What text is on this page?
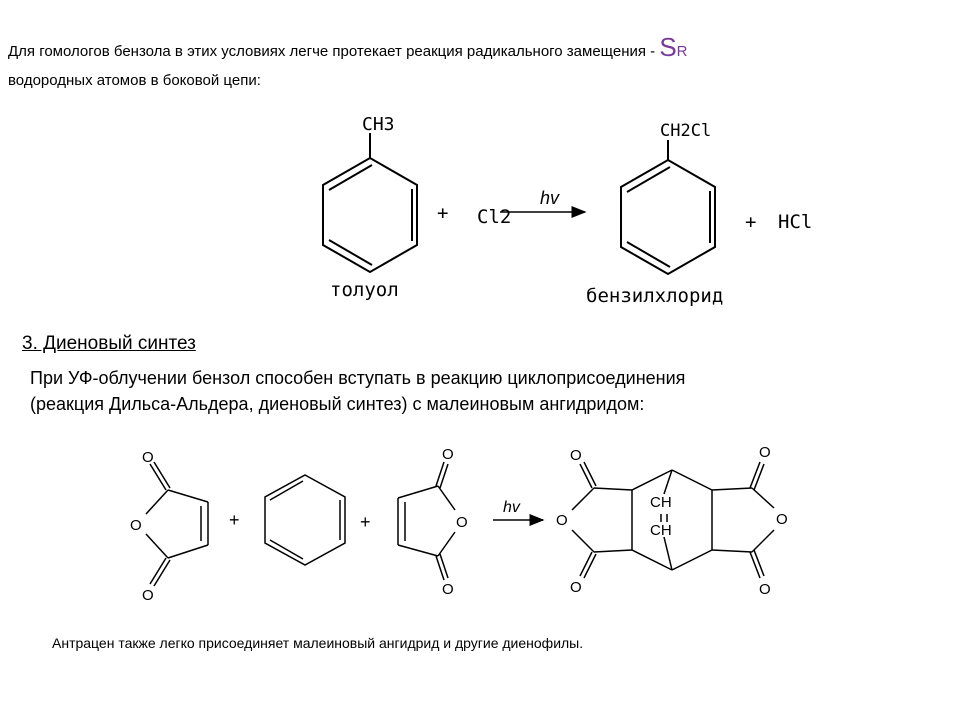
Для гомологов бензола в этих условиях легче протекает реакция радикального замещения - SR
водородных атомов в боковой цепи:
3. Диеновый синтез
При УФ-облучении бензол способен вступать в реакцию циклоприсоединения
(реакция Дильса-Альдера, диеновый синтез) с малеиновым ангидридом:
Антрацен также легко присоединяет малеиновый ангидрид и другие диенофилы.
CH3
толуол
+ Cl2
hv
CH2Cl
бензилхлорид
+ HCl
O
O
O
O
O
O
O
O
O
O
O
O
CH
CH
+	+
hv
